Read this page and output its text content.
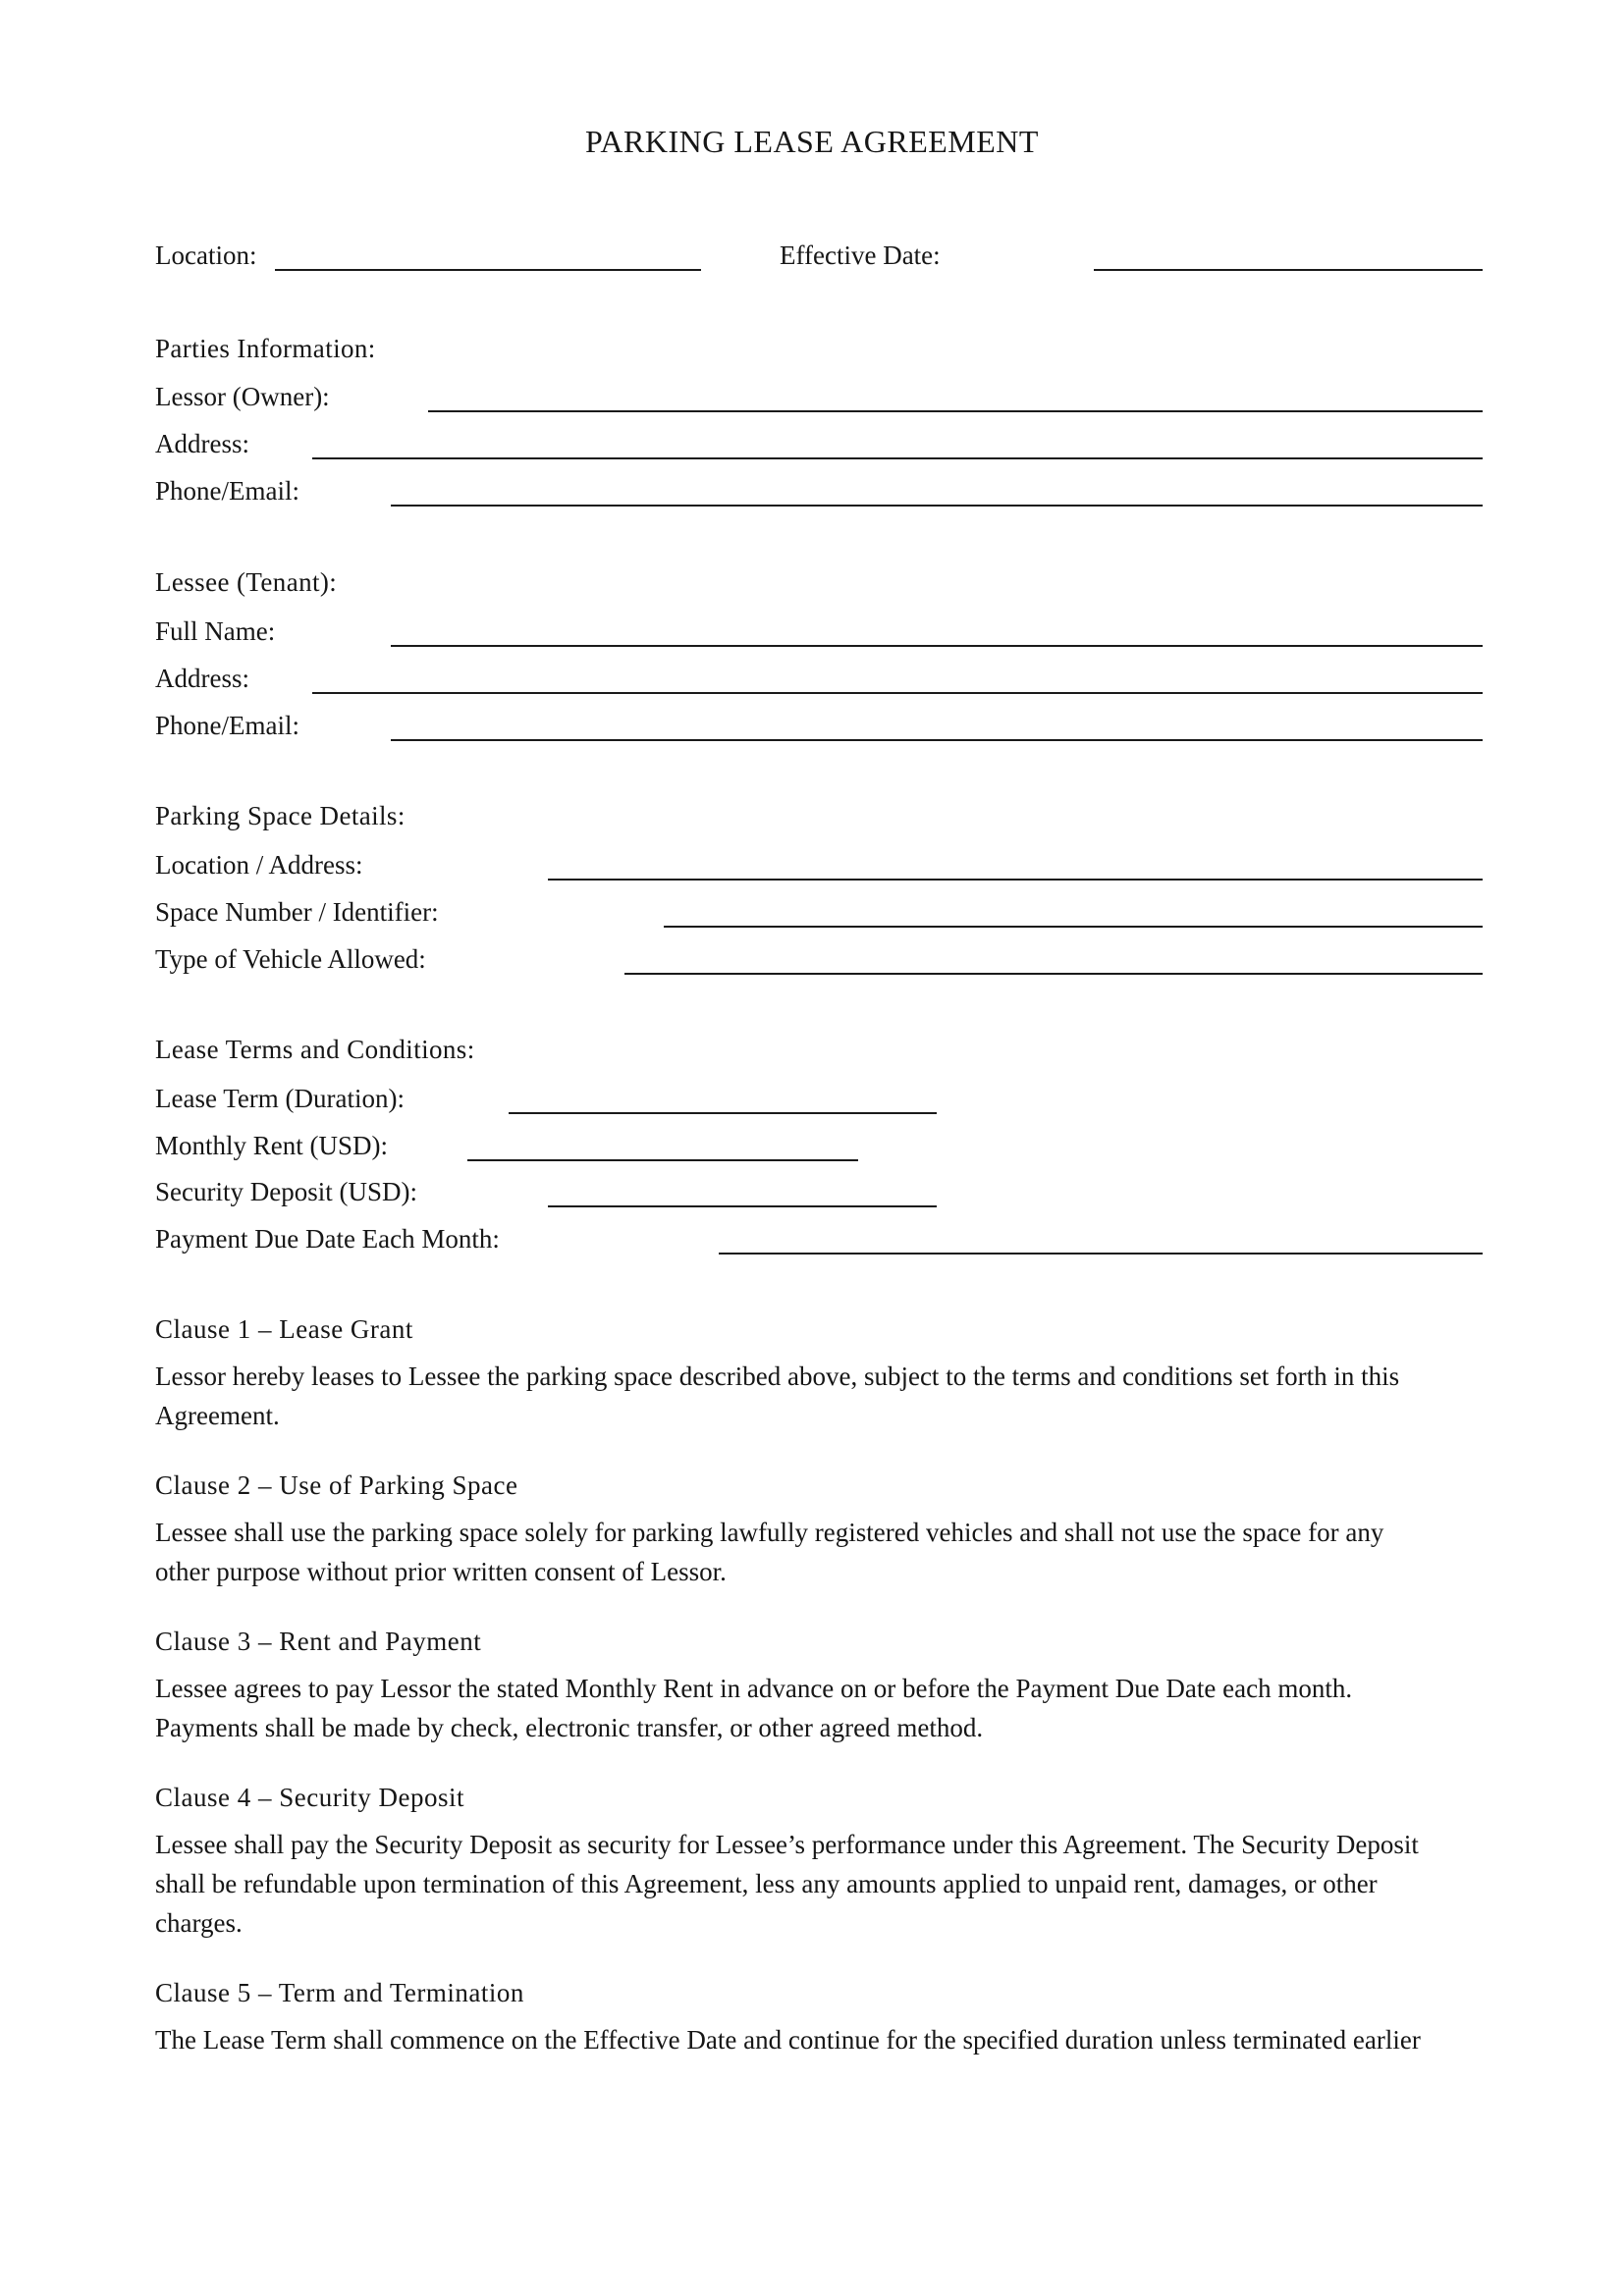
PARKING LEASE AGREEMENT
Location:	Effective Date:
Parties Information:
Lessor (Owner):
Address:
Phone/Email:
Lessee (Tenant):
Full Name:
Address:
Phone/Email:
Parking Space Details:
Location / Address:
Space Number / Identifier:
Type of Vehicle Allowed:
Lease Terms and Conditions:
Lease Term (Duration):
Monthly Rent (USD):
Security Deposit (USD):
Payment Due Date Each Month:
Clause 1 – Lease Grant
Lessor hereby leases to Lessee the parking space described above, subject to the terms and conditions set forth in this
Agreement.
Clause 2 – Use of Parking Space
Lessee shall use the parking space solely for parking lawfully registered vehicles and shall not use the space for any
other purpose without prior written consent of Lessor.
Clause 3 – Rent and Payment
Lessee agrees to pay Lessor the stated Monthly Rent in advance on or before the Payment Due Date each month.
Payments shall be made by check, electronic transfer, or other agreed method.
Clause 4 – Security Deposit
Lessee shall pay the Security Deposit as security for Lessee’s performance under this Agreement. The Security Deposit
shall be refundable upon termination of this Agreement, less any amounts applied to unpaid rent, damages, or other
charges.
Clause 5 – Term and Termination
The Lease Term shall commence on the Effective Date and continue for the specified duration unless terminated earlier
